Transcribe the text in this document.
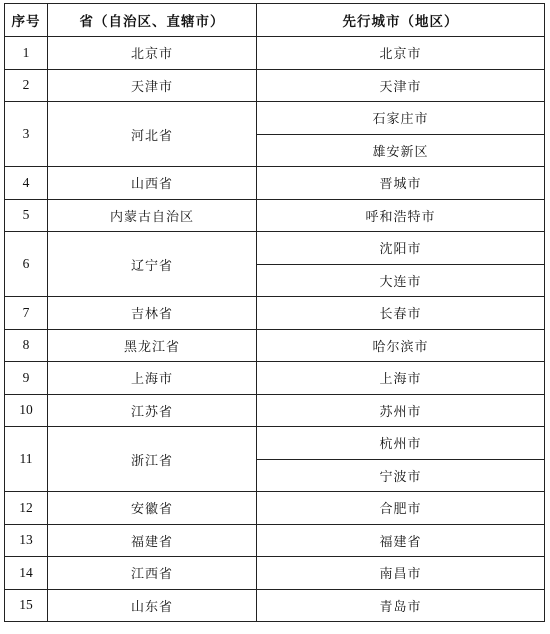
序号	省（自治区、直辖市）	先行城市（地区）
1	北京市	北京市
2	天津市	天津市
3	河北省	石家庄市
		雄安新区
4	山西省	晋城市
5	内蒙古自治区	呼和浩特市
6	辽宁省	沈阳市
		大连市
7	吉林省	长春市
8	黑龙江省	哈尔滨市
9	上海市	上海市
10	江苏省	苏州市
11	浙江省	杭州市
		宁波市
12	安徽省	合肥市
13	福建省	福建省
14	江西省	南昌市
15	山东省	青岛市
